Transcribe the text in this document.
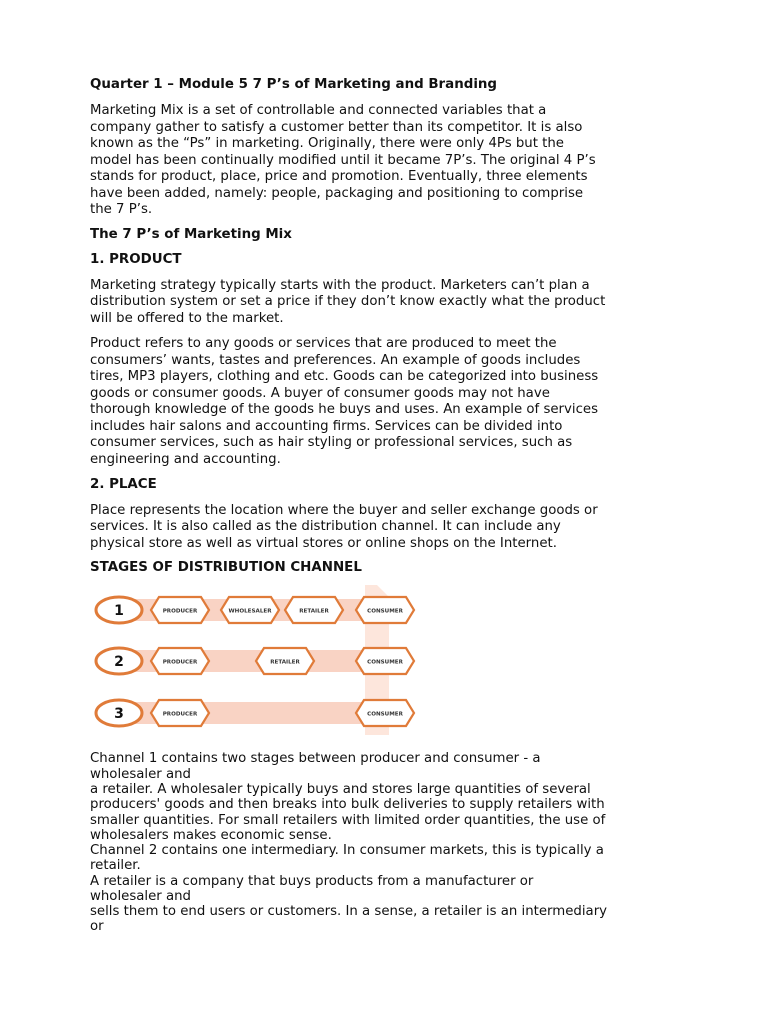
Quarter 1 – Module 5 7 P’s of Marketing and Branding

Marketing Mix is a set of controllable and connected variables that a

company gather to satisfy a customer better than its competitor. It is also

known as the “Ps” in marketing. Originally, there were only 4Ps but the

model has been continually modified until it became 7P’s. The original 4 P’s

stands for product, place, price and promotion. Eventually, three elements

have been added, namely: people, packaging and positioning to comprise

the 7 P’s.

The 7 P’s of Marketing Mix

1. PRODUCT

Marketing strategy typically starts with the product. Marketers can’t plan a

distribution system or set a price if they don’t know exactly what the product

will be offered to the market.

Product refers to any goods or services that are produced to meet the

consumers’ wants, tastes and preferences. An example of goods includes

tires, MP3 players, clothing and etc. Goods can be categorized into business

goods or consumer goods. A buyer of consumer goods may not have

thorough knowledge of the goods he buys and uses. An example of services

includes hair salons and accounting firms. Services can be divided into

consumer services, such as hair styling or professional services, such as

engineering and accounting.

2. PLACE

Place represents the location where the buyer and seller exchange goods or

services. It is also called as the distribution channel. It can include any

physical store as well as virtual stores or online shops on the Internet.

STAGES OF DISTRIBUTION CHANNEL

Channel 1 contains two stages between producer and consumer - a

wholesaler and

a retailer. A wholesaler typically buys and stores large quantities of several

producers' goods and then breaks into bulk deliveries to supply retailers with

smaller quantities. For small retailers with limited order quantities, the use of

wholesalers makes economic sense.

Channel 2 contains one intermediary. In consumer markets, this is typically a

retailer.

A retailer is a company that buys products from a manufacturer or

wholesaler and

sells them to end users or customers. In a sense, a retailer is an intermediary

or

1	PRODUCER	WHOLESALER	RETAILER	CONSUMER
2	PRODUCER	RETAILER	CONSUMER
3	PRODUCER	CONSUMER
